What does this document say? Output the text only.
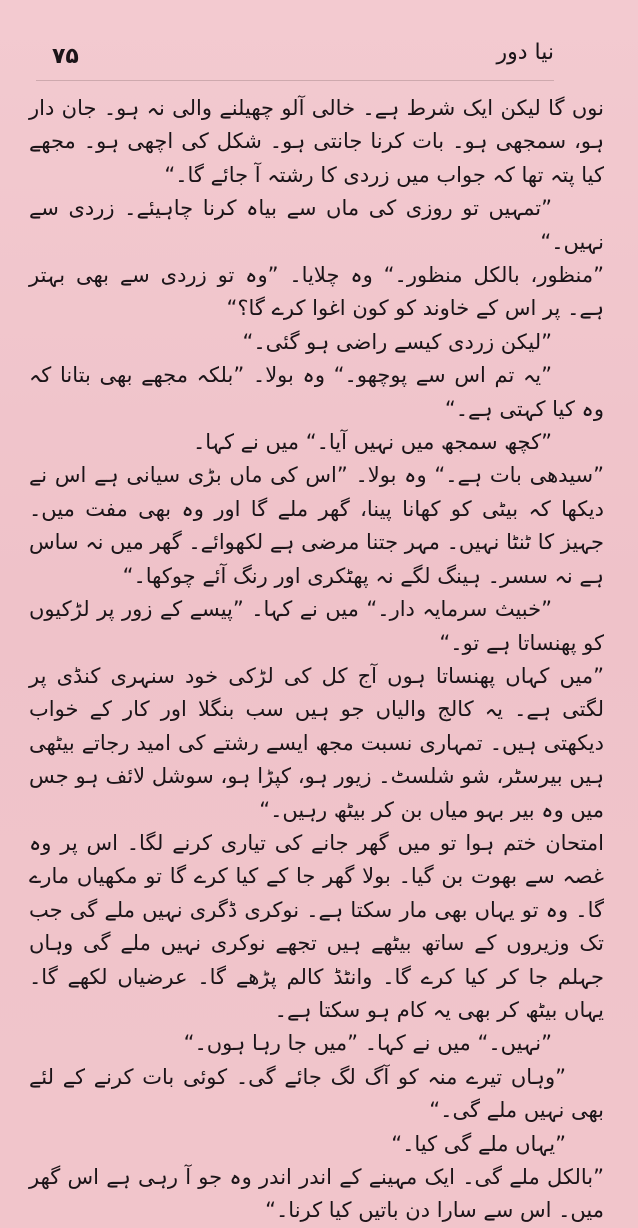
۷۵	نیا دور

نوں گا لیکن ایک شرط ہے۔ خالی آلو چھیلنے والی نہ ہو۔ جان دار ہو، سمجھی ہو۔ بات کرنا جانتی ہو۔ شکل کی اچھی ہو۔ مجھے کیا پتہ تھا کہ جواب میں زردی کا رشتہ آ جائے گا۔“

”تمہیں تو روزی کی ماں سے بیاہ کرنا چاہیئے۔ زردی سے نہیں۔“

”منظور، بالکل منظور۔“ وہ چلایا۔ ”وہ تو زردی سے بھی بہتر ہے۔ پر اس کے خاوند کو کون اغوا کرے گا؟“

”لیکن زردی کیسے راضی ہو گئی۔“

”یہ تم اس سے پوچھو۔“ وہ بولا۔ ”بلکہ مجھے بھی بتانا کہ وہ کیا کہتی ہے۔“

”کچھ سمجھ میں نہیں آیا۔“ میں نے کہا۔

”سیدھی بات ہے۔“ وہ بولا۔ ”اس کی ماں بڑی سیانی ہے اس نے دیکھا کہ بیٹی کو کھانا پینا، گھر ملے گا اور وہ بھی مفت میں۔ جہیز کا ٹنٹا نہیں۔ مہر جتنا مرضی ہے لکھوائے۔ گھر میں نہ ساس ہے نہ سسر۔ ہینگ لگے نہ پھٹکری اور رنگ آئے چوکھا۔“

”خبیث سرمایہ دار۔“ میں نے کہا۔ ”پیسے کے زور پر لڑکیوں کو پھنساتا ہے تو۔“

”میں کہاں پھنساتا ہوں آج کل کی لڑکی خود سنہری کنڈی پر لگتی ہے۔ یہ کالج والیاں جو ہیں سب بنگلا اور کار کے خواب دیکھتی ہیں۔ تمہاری نسبت مجھ ایسے رشتے کی امید رجاتے بیٹھی ہیں بیرسٹر، شو شلسٹ۔ زیور ہو، کپڑا ہو، سوشل لائف ہو جس میں وہ بیر بہو میاں بن کر بیٹھ رہیں۔“

امتحان ختم ہوا تو میں گھر جانے کی تیاری کرنے لگا۔ اس پر وہ غصہ سے بھوت بن گیا۔ بولا گھر جا کے کیا کرے گا تو مکھیاں مارے گا۔ وہ تو یہاں بھی مار سکتا ہے۔ نوکری ڈگری نہیں ملے گی جب تک وزیروں کے ساتھ بیٹھے ہیں تجھے نوکری نہیں ملے گی وہاں جہلم جا کر کیا کرے گا۔ وانٹڈ کالم پڑھے گا۔ عرضیاں لکھے گا۔ یہاں بیٹھ کر بھی یہ کام ہو سکتا ہے۔

”نہیں۔“ میں نے کہا۔ ”میں جا رہا ہوں۔“

”وہاں تیرے منہ کو آگ لگ جائے گی۔ کوئی بات کرنے کے لئے بھی نہیں ملے گی۔“

”یہاں ملے گی کیا۔“

”بالکل ملے گی۔ ایک مہینے کے اندر اندر وہ جو آ رہی ہے اس گھر میں۔ اس سے سارا دن باتیں کیا کرنا۔“
